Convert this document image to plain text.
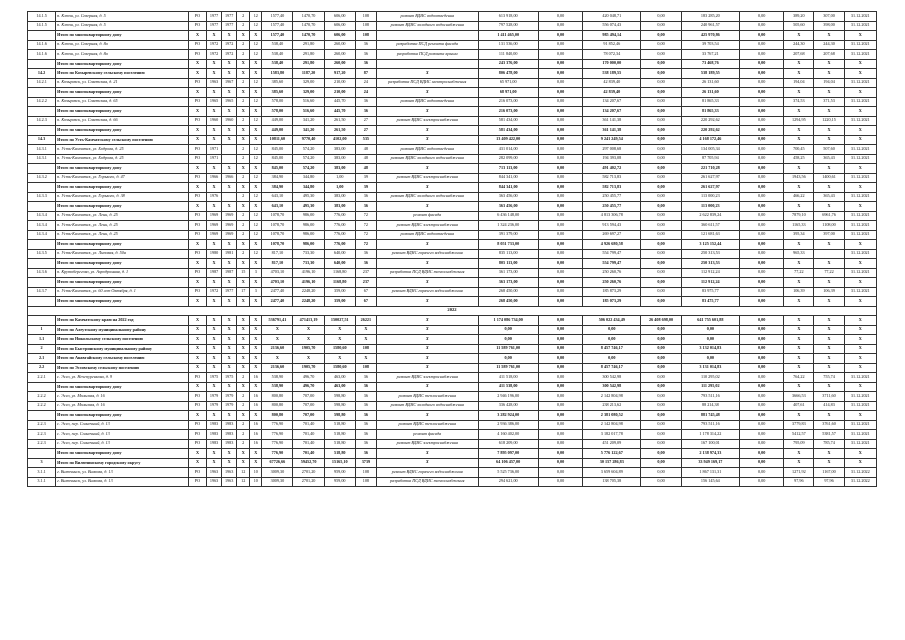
14.1.5	п. Ключи, ул. Северная, д. 5	РО	1977	1977	2	12	1577,40	1470,70	606,00	108	ремонт ВДИС водоотведения	613 918,00	0,00	420 048,71	0,00	183 285,20	0,00	389,20	307,00	31.12.2021
14.1.5	п. Ключи, ул. Северная, д. 5	РО	1977	1977	2	12	1577,40	1470,70	606,00	108	ремонт ВДИС холодного водоснабжения	797 528,00	0,00	556 074,43	0,00	240 961,57	0,00	505,60	398,00	31.12.2021
	Итого по многоквартирному дому	X	X	X	X	X	1577,40	1470,70	606,00	108		1 411 465,00	0,00	985 494,14	0,00	425 970,86	0,00	X	X	X
14.1.6	п. Ключи, ул. Северная, д. 8а	РО	1972	1972	2	12	538,40	291,80	260,00	36	разработка ПСД ремонта фасада	131 536,00	0,00	91 852,46	0,00	39 703,54	0,00	244,30	244,30	31.12.2021
14.1.6	п. Ключи, ул. Северная, д. 8а	РО	1972	1972	2	12	538,40	291,80	260,00	36	разработка ПСД ремонта крыши	111 840,00	0,00	78 072,34	0,00	33 767,21	0,00	207,68	207,68	31.12.2021
	Итого по многоквартирному дому	X	X	X	X	X	538,40	291,80	260,00	36		243 376,00	0,00	170 000,00	0,00	73 468,76	0,00	X	X	X
14.2	Итого по Козыревскому сельскому поселению	X	X	X	X	X	1583,80	1187,20	917,20	87	X	806 478,00	0,00	538 189,55	0,00	538 189,55	0,00	X	X	X
14.2.1	п. Козыревск, ул. Советская, д. 21	РО	1963	1967	2	12	385,60	329,00	210,00	24	разработка ПСД ВДИС электроснабжения	65 971,00	0,00	42 839,40	0,00	26 131,60	0,00	194,04	194,04	31.12.2021
	Итого по многоквартирному дому	X	X	X	X	X	385,60	329,00	210,00	24	X	68 971,00	0,00	42 839,40	0,00	26 131,60	0,00	X	X	X
14.2.2	п. Козыревск, ул. Советская, д. 65	РО	1965	1965	2	12	578,00	516,60	445,70	36	ремонт ВДИС водоотведения	216 073,00	0,00	134 207,67	0,00	81 865,33	0,00	374,53	371,53	31.12.2021
	Итого по многоквартирному дому	X	X	X	X	X	578,00	516,60	445,70	36	X	216 073,00	0,00	134 207,67	0,00	81 865,33	0,00	X	X	X
14.2.3	п. Козыревск, ул. Советская, д. 66	РО	1960	1960	2	12	449,00	341,20	261,50	27	ремонт ВДИС электроснабжения	581 434,00	0,00	361 141,38	0,00	220 292,62	0,00	1294,95	1220,15	31.12.2021
	Итого по многоквартирному дому	X	X	X	X	X	449,00	341,20	261,50	27	X	581 434,00	0,00	361 141,38	0,00	220 292,62	0,00	X	X	X
14.3	Итого по Усть-Камчатскому сельскому поселению	X	X	X	X	X	10811,60	9770,40	4102,00	535	X	13 409 422,00	0,00	9 241 249,54	0,00	4 168 172,46	0,00	X	X	X
14.3.1	п. Усть-Камчатск, ул. Бодрова, д. 25	РО	1971		2	12	845,00	574,20	383,00	48	ремонт ВДИС водоотведения	431 014,00	0,00	297 008,68	0,00	134 005,34	0,00	700,45	507,60	31.12.2021
14.3.1	п. Усть-Камчатск, ул. Бодрова, д. 25	РО	1971		2	12	845,00	574,20	383,00	48	ремонт ВДИС холодного водоснабжения	282 099,00	0,00	194 393,08	0,00	87 705,94	0,00	458,25	365,43	31.12.2021
	Итого по многоквартирному дому	X	X	X	X	X	845,00	574,20	383,00	48	X	713 113,00	0,00	491 402,72	0,00	221 710,28	0,00	X	X	X
14.3.2	п. Усть-Камчатск, ул. Горького, д. 47	РО	1966	1966	2	12	384,90	344,80	1,00	39	ремонт ВДИС электроснабжения	844 341,00	0,00	582 713,83	0,00	261 627,97	0,00	1943,56	1400,61	31.12.2021
	Итого по многоквартирному дому	X	X	X	X	X	384,90	344,80	1,00	39	X	844 341,00	0,00	582 713,83	0,00	261 627,97	0,00	X	X	X
14.3.3	п. Усть-Камчатск, ул. Горького, д. 38	РО	1976		2	12	643,10	495,30	383,00	36	ремонт ВДИС холодного водоснабжения	363 456,00	0,00	250 455,77	0,00	113 000,23	0,00	466,22	365,43	31.12.2021
	Итого по многоквартирному дому	X	X	X	X	X	643,10	495,30	383,00	36	X	363 456,00	0,00	250 455,77	0,00	113 000,23	0,00	X	X	X
14.3.4	п. Усть-Камчатск, ул. Лени, д. 25	РО	1969	1969	2	12	1078,70	986,00	776,00	72	ремонт фасада	6 436 148,00	0,00	4 813 306,78	0,00	2 622 839,24	0,00	7879,10	6961,76	31.12.2021
14.3.4	п. Усть-Камчатск, ул. Лени, д. 25	РО	1969	1969	2	12	1078,70	986,00	776,00	72	ремонт ВДИС электроснабжения	1 324 236,00	0,00	913 594,43	0,00	360 611,57	0,00	1165,33	1108,00	31.12.2021
14.3.4	п. Усть-Камчатск, ул. Лени, д. 25	РО	1969	1969	2	12	1078,70	986,00	776,00	72	ремонт ВДИС водоотведения	391 379,00	0,00	269 697,27	0,00	121 681,63	0,00	395,34	397,00	31.12.2021
	Итого по многоквартирному дому	X	X	X	X	X	1078,70	986,00	776,00	72	X	8 051 733,00	0,00	4 926 680,58	0,00	3 125 152,44	0,00	X	X	X
14.3.5	п. Усть-Камчатск, ул. Липовая, д. 50а	РО	1980	1981	2	12	817,10	733,30	640,00	36	ремонт ВДИС горячего водоснабжения	835 113,00	0,00	554 799,47	0,00	250 313,53	0,00	965,33		31.12.2021
	Итого по многоквартирному дому	X	X	X	X	X	817,10	733,30	640,00	36	X	805 113,00	0,00	554 799,47	0,00	250 313,53	0,00	X	X	X
14.3.6	п. Крутоберегово, ул. Аэродромная, д. 1	РО	1987	1987	15	3	4703,10	4196,10	1168,80	237	разработка ПСД ВДИС теплоснабжения	361 173,00	0,00	250 260,76	0,00	112 912,24	0,00	77,22	77,22	31.12.2021
	Итого по многоквартирному дому	X	X	X	X	X	4703,10	4196,10	1168,80	237	X	363 173,00	0,00	250 260,76	0,00	112 912,24	0,00	X	X	X
14.3.7	п. Усть-Камчатск, ул. 60 лет Октября, д. 1	РО	1972	1977	17	3	2477,40	2248,20	359,00	67	ремонт ВДИС горячего водоснабжения	268 450,00	0,00	185 873,29	0,00	83 975,77	0,00	106,39	106,39	31.12.2021
	Итого по многоквартирному дому	X	X	X	X	X	2477,40	2248,20	359,00	67	X	268 450,00	0,00	185 073,29	0,00	83 475,77	0,00	X	X	X
2022																				
	Итого по Камчатскому краю на 2022 год	X	X	X	X	X	536791,41	471413,19	150027,51	26221	X	1 174 086 734,00	0,00	506 022 434,49	26 408 698,00	641 755 601,88	0,00	X	X	X
1	Итого по Алеутскому муниципальному району	X	X	X	X	X	X	X	X	X	X	0,00	0,00	0,00	0,00	0,00	0,00	X	X	X
1.1	Итого по Никольскому сельскому поселению	X	X	X	X	X	X	X	X	X	X	0,00	0,00	0,00	0,00	0,00	0,00	X	X	X
2	Итого по Быстринскому муниципальному району	X	X	X	X	X	2136,60	1905,70	1580,60	108	X	11 589 761,00	0,00	8 457 746,17	0,00	3 132 014,83	0,00	X	X	X
2.1	Итого по Анавгайскому сельскому поселению	X	X	X	X	X	X	X	X	X	X	0,00	0,00	0,00	0,00	0,00	0,00	X	X	X
2.2	Итого по Эссовскому сельскому поселению	X	X	X	X	X	2136,60	1905,70	1580,60	108	X	11 589 761,00	0,00	8 457 746,17	0,00	3 131 014,83	0,00	X	X	X
2.2.1	с. Эссо, ул. Нечепуренкова, д. 9	РО	1975	1975	2	16	538,90	496,70	463,00	36	ремонт ВДИС электроснабжения	411 518,00	0,00	300 542,98	0,00	110 295,02	0,00	764,22	755,74	31.12.2021
	Итого по многоквартирному дому	X	X	X	X	X	538,90	496,70	463,00	36	X	411 538,00	0,00	300 542,98	0,00	111 295,02	0,00	X	X	X
2.2.2	с. Эссо, ул. Мольская, д. 16	РО	1979	1979	2	16	800,80	707,00	598,80	36	ремонт ВДИС теплоснабжения	2 946 196,00	0,00	2 142 804,98	0,00	793 511,16	0,00	3666,53	3711,60	31.12.2021
2.2.2	с. Эссо, ул. Мольская, д. 16	РО	1979	1979	2	16	800,80	707,00	598,80	36	ремонт ВДИС холодного водоснабжения	336 428,00	0,00	238 213,62	0,00	88 214,38	0,00	407,61	414,83	31.12.2021
	Итого по многоквартирному дому	X	X	X	X	X	800,80	707,00	598,80	36	X	3 282 924,00	0,00	2 381 080,52	0,00	881 745,48	0,00	X	X	X
2.2.3	с. Эссо, пер. Солнечный, д. 13	РО	1983	1983	2	16	776,90	701,40	518,80	36	ремонт ВДИС теплоснабжения	2 936 386,00	0,00	2 142 804,98	0,00	793 511,16	0,00	3779,83	3761,60	31.12.2021
2.2.3	с. Эссо, пер. Солнечный, д. 13	РО	1983	1983	2	16	776,90	701,40	518,80	36	ремонт фасада	4 160 402,00	0,00	3 182 017,78	0,00	1 178 314,22	0,00	5412,57	5381,57	31.12.2021
2.2.3	с. Эссо, пер. Солнечный, д. 13	РО	1983	1983	2	16	776,90	701,40	518,80	36	ремонт ВДИС электроснабжения	618 209,00	0,00	451 209,09	0,00	167 100,01	0,00	795,09	785,74	31.12.2021
	Итого по многоквартирному дому	X	X	X	X	X	776,90	701,40	518,80	36	X	7 895 097,00	0,00	5 776 122,67	0,00	2 138 974,33	0,00	X	X	X
3	Итого по Вилючинскому городскому округу	X	X	X	X	X	67726,66	59452,70	15165,10	3739	X	64 106 457,00	0,00	30 157 286,83	0,00	33 949 169,17	0,00	X	X	X
3.1.1	г. Вилючинск, ул. Вилкова, д. 13	РО	1963	1963	12	10	3009,30	2701,20	959,00	108	ремонт ВДИС горячего водоснабжения	5 525 736,00	0,00	3 659 604,89	0,00	1 867 131,31	0,00	1271,92	1167,00	31.12.2022
3.1.1	г. Вилючинск, ул. Вилкова, д. 13	РО	1963	1963	12	10	3009,30	2701,20	959,00	108	разработка ПСД ВДИС теплоснабжения	294 621,00	0,00	138 705,38	0,00	156 145,64	0,00	97,96	97,96	31.12.2022
